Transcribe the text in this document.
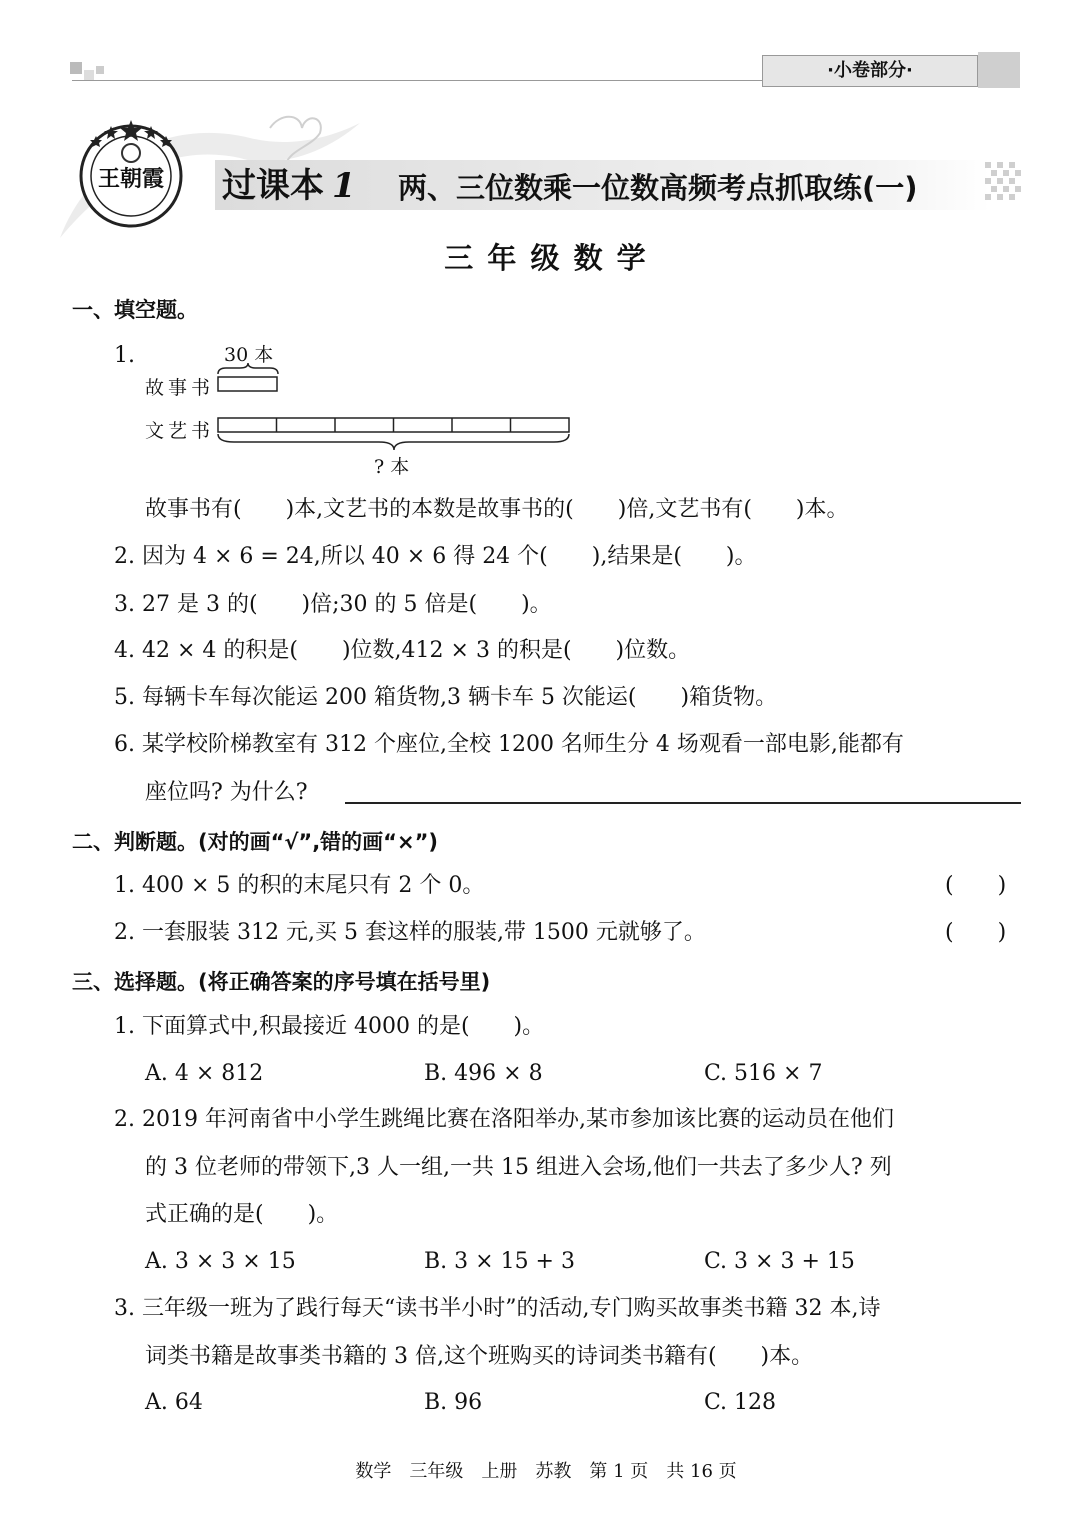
·小卷部分·
王朝霞 过课本 1 两、三位数乘一位数高频考点抓取练(一)
三 年 级 数 学
一、填空题。
1.	30 本
故事书
文艺书
? 本
故事书有(　　)本,文艺书的本数是故事书的(　　)倍,文艺书有(　　)本。
2. 因为 4 × 6 = 24,所以 40 × 6 得 24 个(　　),结果是(　　)。
3. 27 是 3 的(　　)倍;30 的 5 倍是(　　)。
4. 42 × 4 的积是(　　)位数,412 × 3 的积是(　　)位数。
5. 每辆卡车每次能运 200 箱货物,3 辆卡车 5 次能运(　　)箱货物。
6. 某学校阶梯教室有 312 个座位,全校 1200 名师生分 4 场观看一部电影,能都有
座位吗? 为什么?
二、判断题。(对的画“√”,错的画“×”)
1. 400 × 5 的积的末尾只有 2 个 0。	(　　)
2. 一套服装 312 元,买 5 套这样的服装,带 1500 元就够了。	(　　)
三、选择题。(将正确答案的序号填在括号里)
1. 下面算式中,积最接近 4000 的是(　　)。
A. 4 × 812	B. 496 × 8	C. 516 × 7
2. 2019 年河南省中小学生跳绳比赛在洛阳举办,某市参加该比赛的运动员在他们
的 3 位老师的带领下,3 人一组,一共 15 组进入会场,他们一共去了多少人? 列
式正确的是(　　)。
A. 3 × 3 × 15	B. 3 × 15 + 3	C. 3 × 3 + 15
3. 三年级一班为了践行每天“读书半小时”的活动,专门购买故事类书籍 32 本,诗
词类书籍是故事类书籍的 3 倍,这个班购买的诗词类书籍有(　　)本。
A. 64	B. 96	C. 128
数学　三年级　上册　苏教　第 1 页　共 16 页
